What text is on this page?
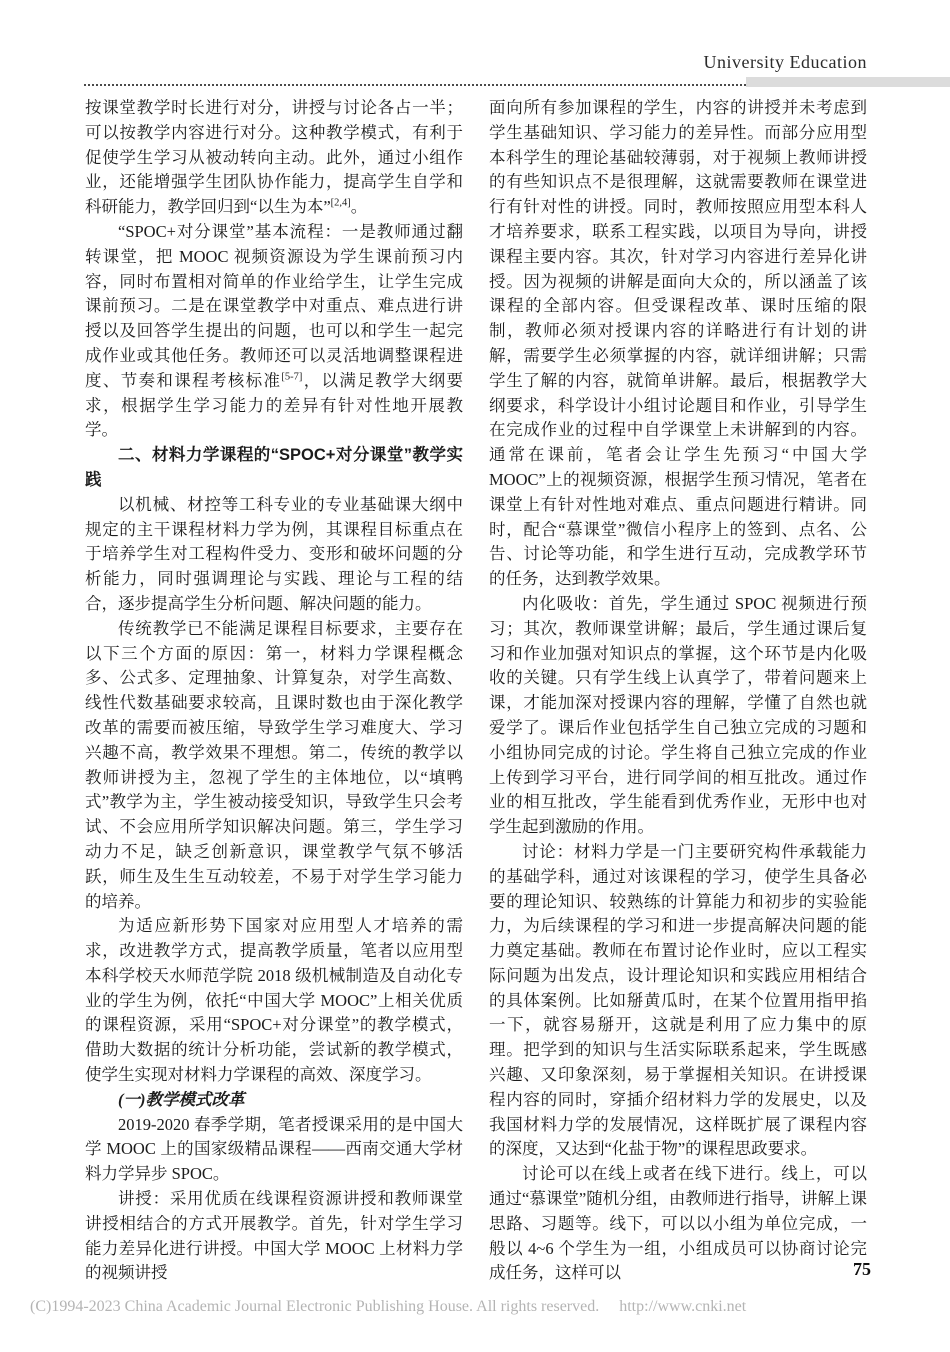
University Education

按课堂教学时长进行对分，讲授与讨论各占一半；可以按教学内容进行对分。这种教学模式，有利于促使学生学习从被动转向主动。此外，通过小组作业，还能增强学生团队协作能力，提高学生自学和科研能力，教学回归到“以生为本”[2,4]。

“SPOC+对分课堂”基本流程：一是教师通过翻转课堂，把 MOOC 视频资源设为学生课前预习内容，同时布置相对简单的作业给学生，让学生完成课前预习。二是在课堂教学中对重点、难点进行讲授以及回答学生提出的问题，也可以和学生一起完成作业或其他任务。教师还可以灵活地调整课程进度、节奏和课程考核标准[5-7]，以满足教学大纲要求，根据学生学习能力的差异有针对性地开展教学。

二、材料力学课程的“SPOC+对分课堂”教学实践

以机械、材控等工科专业的专业基础课大纲中规定的主干课程材料力学为例，其课程目标重点在于培养学生对工程构件受力、变形和破坏问题的分析能力，同时强调理论与实践、理论与工程的结合，逐步提高学生分析问题、解决问题的能力。

传统教学已不能满足课程目标要求，主要存在以下三个方面的原因：第一，材料力学课程概念多、公式多、定理抽象、计算复杂，对学生高数、线性代数基础要求较高，且课时数也由于深化教学改革的需要而被压缩，导致学生学习难度大、学习兴趣不高，教学效果不理想。第二，传统的教学以教师讲授为主，忽视了学生的主体地位，以“填鸭式”教学为主，学生被动接受知识，导致学生只会考试、不会应用所学知识解决问题。第三，学生学习动力不足，缺乏创新意识，课堂教学气氛不够活跃，师生及生生互动较差，不易于对学生学习能力的培养。

为适应新形势下国家对应用型人才培养的需求，改进教学方式，提高教学质量，笔者以应用型本科学校天水师范学院 2018 级机械制造及自动化专业的学生为例，依托“中国大学 MOOC”上相关优质的课程资源，采用“SPOC+对分课堂”的教学模式，借助大数据的统计分析功能，尝试新的教学模式，使学生实现对材料力学课程的高效、深度学习。

(一)教学模式改革

2019-2020 春季学期，笔者授课采用的是中国大学 MOOC 上的国家级精品课程——西南交通大学材料力学异步 SPOC。

讲授：采用优质在线课程资源讲授和教师课堂讲授相结合的方式开展教学。首先，针对学生学习能力差异化进行讲授。中国大学 MOOC 上材料力学的视频讲授

面向所有参加课程的学生，内容的讲授并未考虑到学生基础知识、学习能力的差异性。而部分应用型本科学生的理论基础较薄弱，对于视频上教师讲授的有些知识点不是很理解，这就需要教师在课堂进行有针对性的讲授。同时，教师按照应用型本科人才培养要求，联系工程实践，以项目为导向，讲授课程主要内容。其次，针对学习内容进行差异化讲授。因为视频的讲解是面向大众的，所以涵盖了该课程的全部内容。但受课程改革、课时压缩的限制，教师必须对授课内容的详略进行有计划的讲解，需要学生必须掌握的内容，就详细讲解；只需学生了解的内容，就简单讲解。最后，根据教学大纲要求，科学设计小组讨论题目和作业，引导学生在完成作业的过程中自学课堂上未讲解到的内容。通常在课前，笔者会让学生先预习“中国大学 MOOC”上的视频资源，根据学生预习情况，笔者在课堂上有针对性地对难点、重点问题进行精讲。同时，配合“慕课堂”微信小程序上的签到、点名、公告、讨论等功能，和学生进行互动，完成教学环节的任务，达到教学效果。

内化吸收：首先，学生通过 SPOC 视频进行预习；其次，教师课堂讲解；最后，学生通过课后复习和作业加强对知识点的掌握，这个环节是内化吸收的关键。只有学生线上认真学了，带着问题来上课，才能加深对授课内容的理解，学懂了自然也就爱学了。课后作业包括学生自己独立完成的习题和小组协同完成的讨论。学生将自己独立完成的作业上传到学习平台，进行同学间的相互批改。通过作业的相互批改，学生能看到优秀作业，无形中也对学生起到激励的作用。

讨论：材料力学是一门主要研究构件承载能力的基础学科，通过对该课程的学习，使学生具备必要的理论知识、较熟练的计算能力和初步的实验能力，为后续课程的学习和进一步提高解决问题的能力奠定基础。教师在布置讨论作业时，应以工程实际问题为出发点，设计理论知识和实践应用相结合的具体案例。比如掰黄瓜时，在某个位置用指甲掐一下，就容易掰开，这就是利用了应力集中的原理。把学到的知识与生活实际联系起来，学生既感兴趣、又印象深刻，易于掌握相关知识。在讲授课程内容的同时，穿插介绍材料力学的发展史，以及我国材料力学的发展情况，这样既扩展了课程内容的深度，又达到“化盐于物”的课程思政要求。

讨论可以在线上或者在线下进行。线上，可以通过“慕课堂”随机分组，由教师进行指导，讲解上课思路、习题等。线下，可以以小组为单位完成，一般以 4~6 个学生为一组，小组成员可以协商讨论完成任务，这样可以	75
(C)1994-2023 China Academic Journal Electronic Publishing House. All rights reserved. http://www.cnki.net
